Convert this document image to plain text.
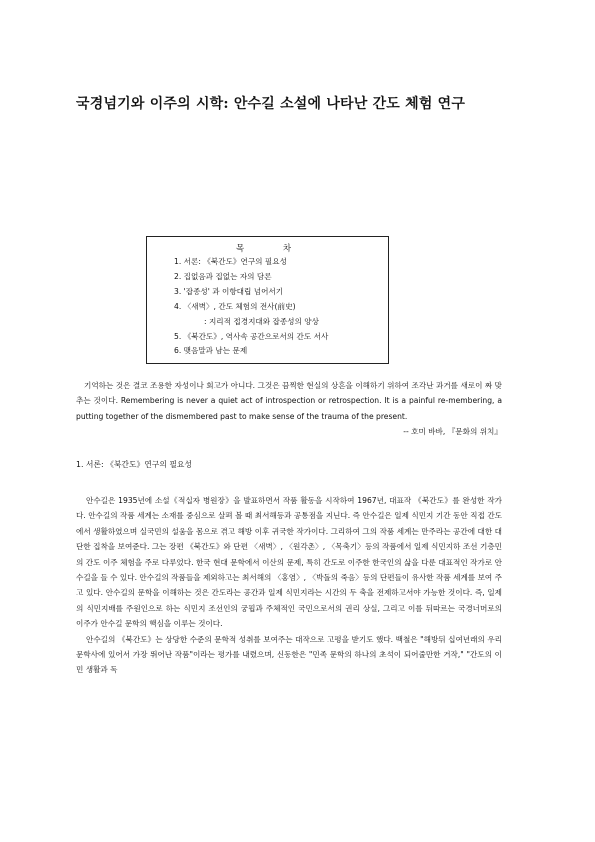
국경넘기와 이주의 시학: 안수길 소설에 나타난 간도 체험 연구
목 차
1. 서론: 《북간도》연구의 필요성
2. 집없음과 집없는 자의 담론
3. '잡종성' 과 이항대립 넘어서기
4. 〈새벽〉, 간도 체험의 전사(前史)
: 지리적 접경지대와 잡종성의 양상
5. 《북간도》, 역사속 공간으로서의 간도 서사
6. 맺음말과 남는 문제

기억하는 것은 결코 조용한 자성이나 회고가 아니다. 그것은 끔찍한 현실의 상흔을 이해하기 위하여 조각난 과거를 새로이 짜 맞추는 것이다. Remembering is never a quiet act of introspection or retrospection. It is a painful re-membering, a putting together of the dismembered past to make sense of the trauma of the present.

-- 호미 바바, 『문화의 위치』

1. 서론: 《북간도》연구의 필요성

안수길은 1935년에 소설《적십자 병원장》을 발표하면서 작품 활동을 시작하여 1967년, 대표작 《북간도》를 완성한 작가다. 안수길의 작품 세계는 소재를 중심으로 살펴 볼 때 최서해등과 공통점을 지닌다. 즉 안수길은 일제 식민지 기간 동안 직접 간도에서 생활하였으며 실국민의 설움을 몸으로 겪고 해방 이후 귀국한 작가이다. 그리하여 그의 작품 세계는 만주라는 공간에 대한 대단한 집착을 보여준다. 그는 장편 《북간도》와 단편 〈새벽〉, 〈원각촌〉, 〈목축기〉등의 작품에서 일제 식민지하 조선 기층민의 간도 이주 체험을 주로 다루었다. 한국 현대 문학에서 이산의 문제, 특히 간도로 이주한 한국인의 삶을 다룬 대표적인 작가로 안수길을 들 수 있다. 안수길의 작품들을 제외하고는 최서해의 〈홍염〉, 〈박돌의 죽음〉등의 단편들이 유사한 작품 세계를 보여 주고 있다. 안수길의 문학을 이해하는 것은 간도라는 공간과 일제 식민지라는 시간의 두 축을 전제하고서야 가능한 것이다. 즉, 일제의 식민지배를 주원인으로 하는 식민지 조선인의 궁핍과 주체적인 국민으로서의 권리 상실, 그리고 이를 뒤따르는 국경너머로의 이주가 안수길 문학의 핵심을 이루는 것이다.

안수길의 《북간도》는 상당한 수준의 문학적 성취를 보여주는 대작으로 고평을 받기도 했다. 백철은 "해방뒤 십여년래의 우리 문학사에 있어서 가장 뛰어난 작품"이라는 평가를 내렸으며, 신동한은 "민족 문학의 하나의 초석이 되어줄만한 거작," "간도의 이민 생활과 독
